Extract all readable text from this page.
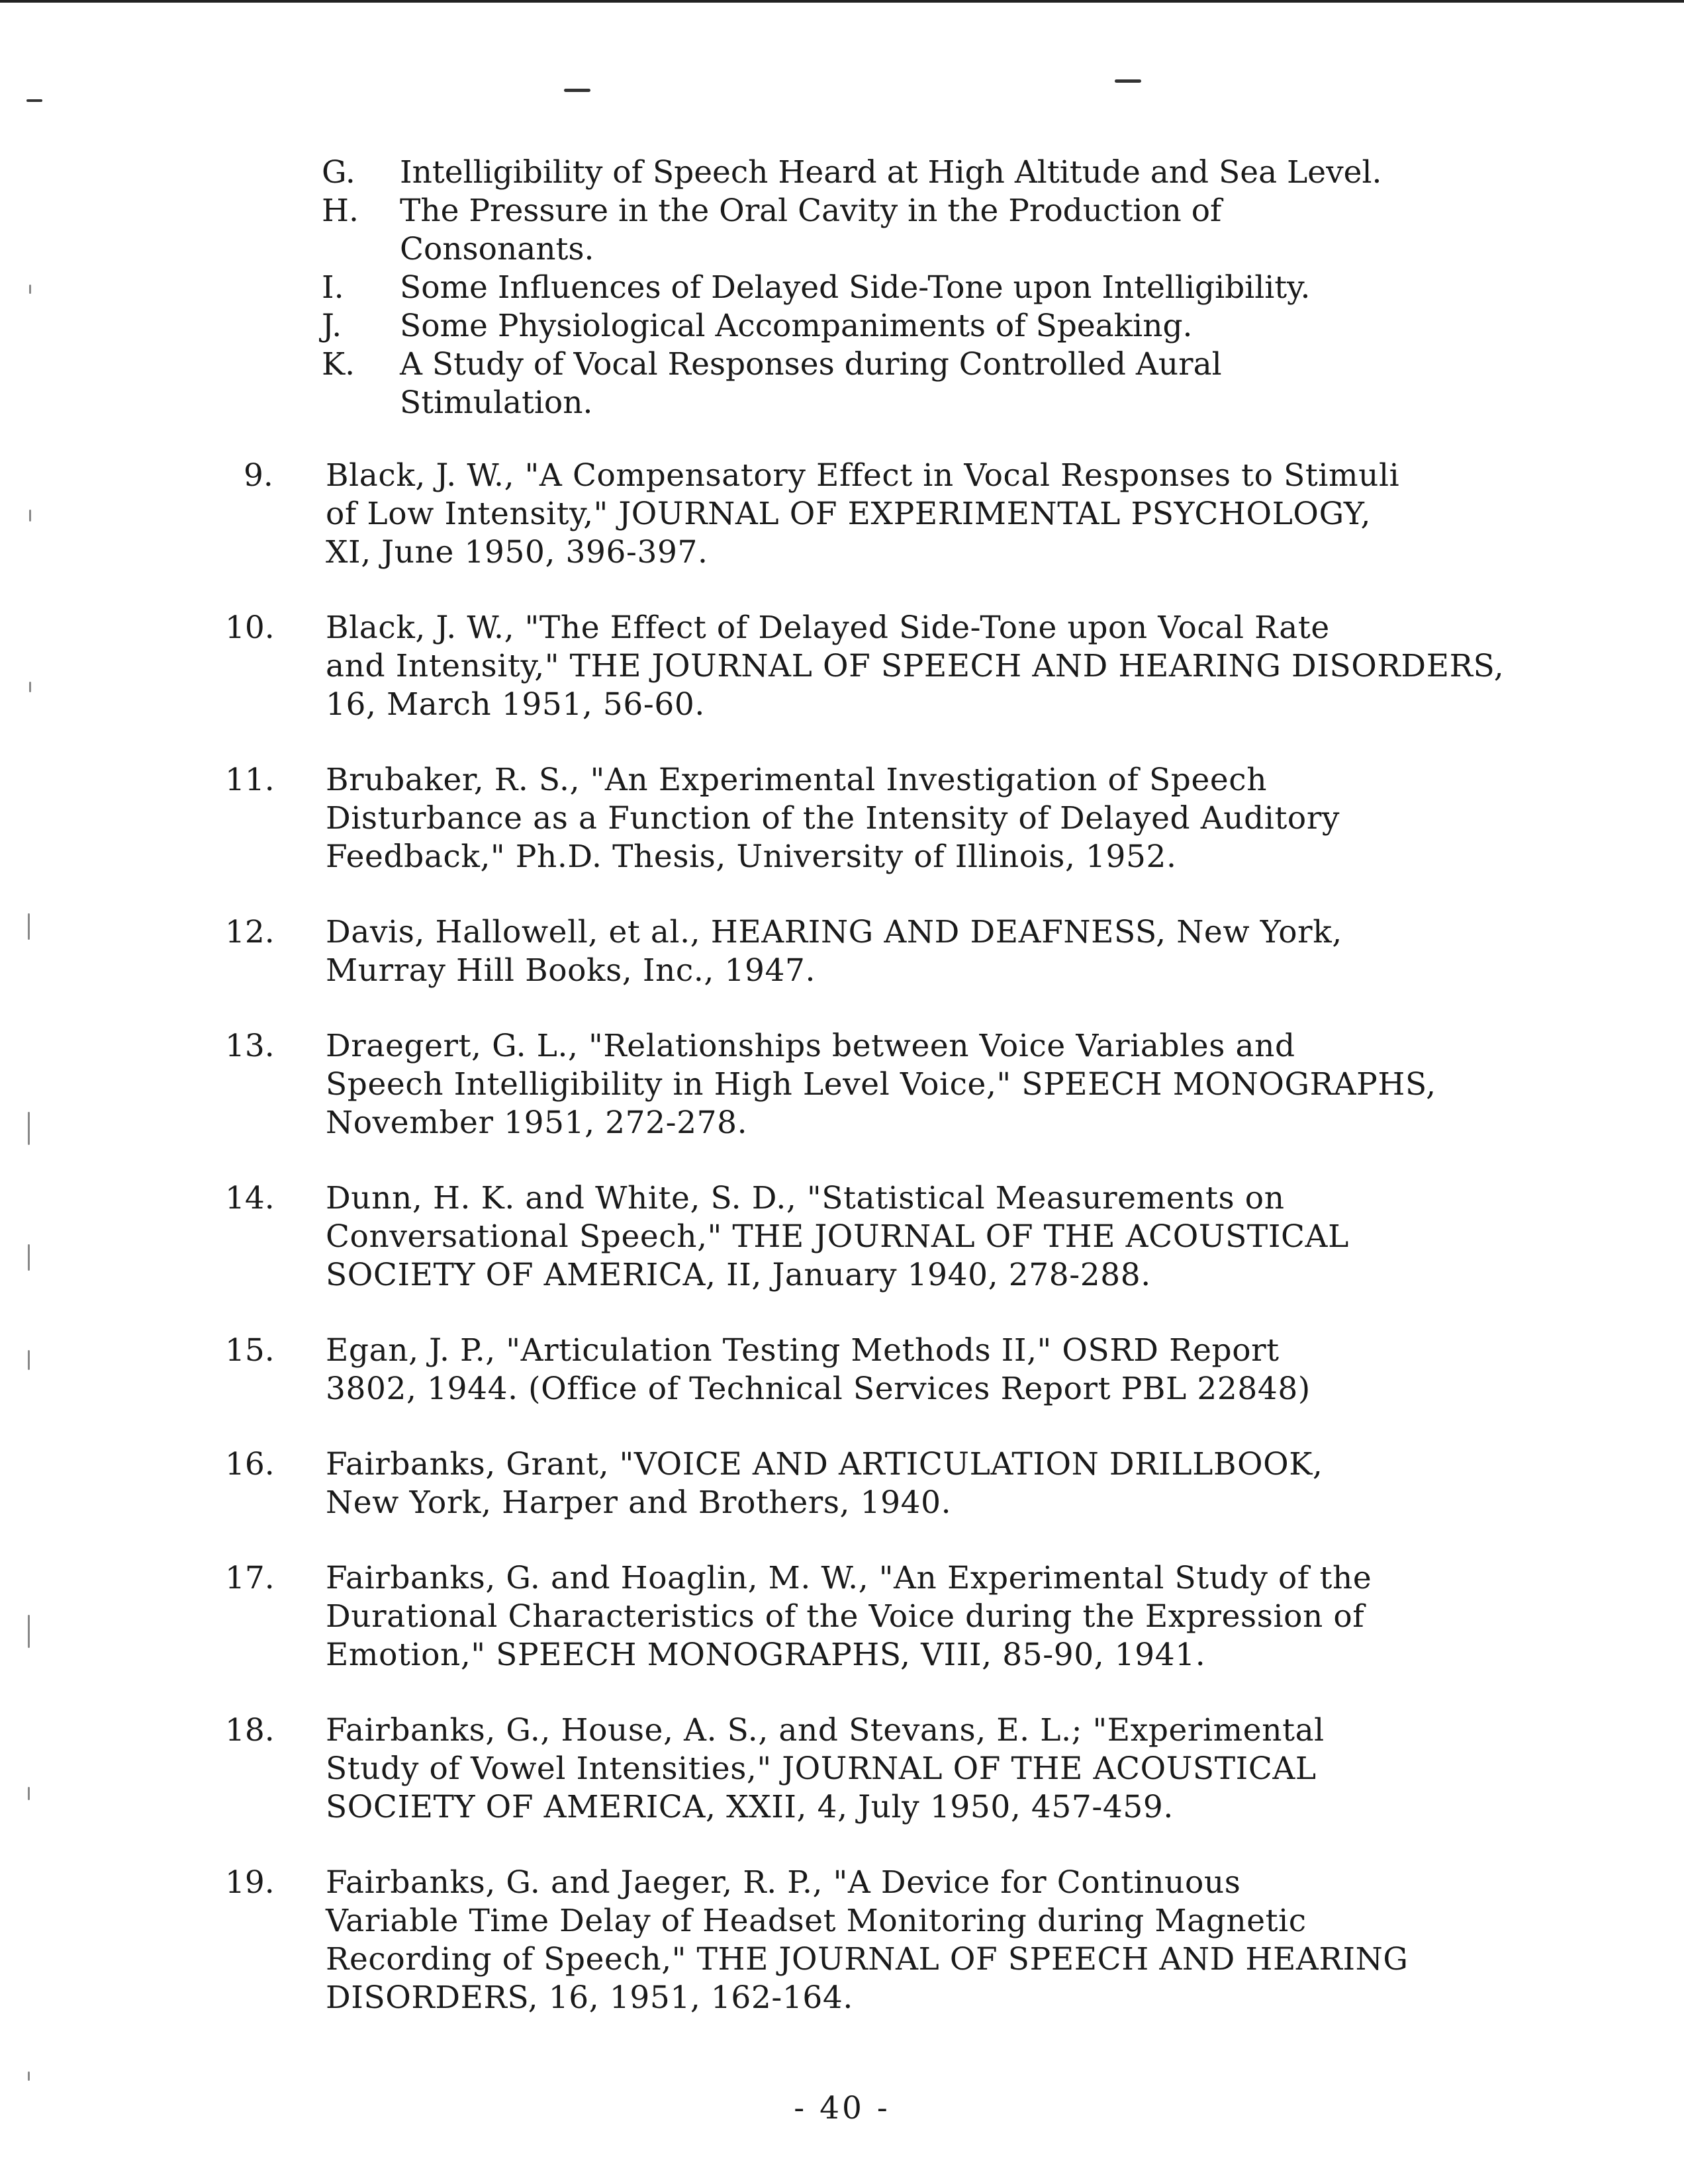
G.	Intelligibility of Speech Heard at High Altitude and Sea Level.
H.	The Pressure in the Oral Cavity in the Production of
Consonants.
I.	Some Influences of Delayed Side-Tone upon Intelligibility.
J.	Some Physiological Accompaniments of Speaking.
K.	A Study of Vocal Responses during Controlled Aural
Stimulation.
9.	Black, J. W., "A Compensatory Effect in Vocal Responses to Stimuli
of Low Intensity," JOURNAL OF EXPERIMENTAL PSYCHOLOGY,
XI, June 1950, 396-397.
10.	Black, J. W., "The Effect of Delayed Side-Tone upon Vocal Rate
and Intensity," THE JOURNAL OF SPEECH AND HEARING DISORDERS,
16, March 1951, 56-60.
11.	Brubaker, R. S., "An Experimental Investigation of Speech
Disturbance as a Function of the Intensity of Delayed Auditory
Feedback," Ph.D. Thesis, University of Illinois, 1952.
12.	Davis, Hallowell, et al., HEARING AND DEAFNESS, New York,
Murray Hill Books, Inc., 1947.
13.	Draegert, G. L., "Relationships between Voice Variables and
Speech Intelligibility in High Level Voice," SPEECH MONOGRAPHS,
November 1951, 272-278.
14.	Dunn, H. K. and White, S. D., "Statistical Measurements on
Conversational Speech," THE JOURNAL OF THE ACOUSTICAL
SOCIETY OF AMERICA, II, January 1940, 278-288.
15.	Egan, J. P., "Articulation Testing Methods II," OSRD Report
3802, 1944. (Office of Technical Services Report PBL 22848)
16.	Fairbanks, Grant, "VOICE AND ARTICULATION DRILLBOOK,
New York, Harper and Brothers, 1940.
17.	Fairbanks, G. and Hoaglin, M. W., "An Experimental Study of the
Durational Characteristics of the Voice during the Expression of
Emotion," SPEECH MONOGRAPHS, VIII, 85-90, 1941.
18.	Fairbanks, G., House, A. S., and Stevans, E. L.; "Experimental
Study of Vowel Intensities," JOURNAL OF THE ACOUSTICAL
SOCIETY OF AMERICA, XXII, 4, July 1950, 457-459.
19.	Fairbanks, G. and Jaeger, R. P., "A Device for Continuous
Variable Time Delay of Headset Monitoring during Magnetic
Recording of Speech," THE JOURNAL OF SPEECH AND HEARING
DISORDERS, 16, 1951, 162-164.
- 40 -
